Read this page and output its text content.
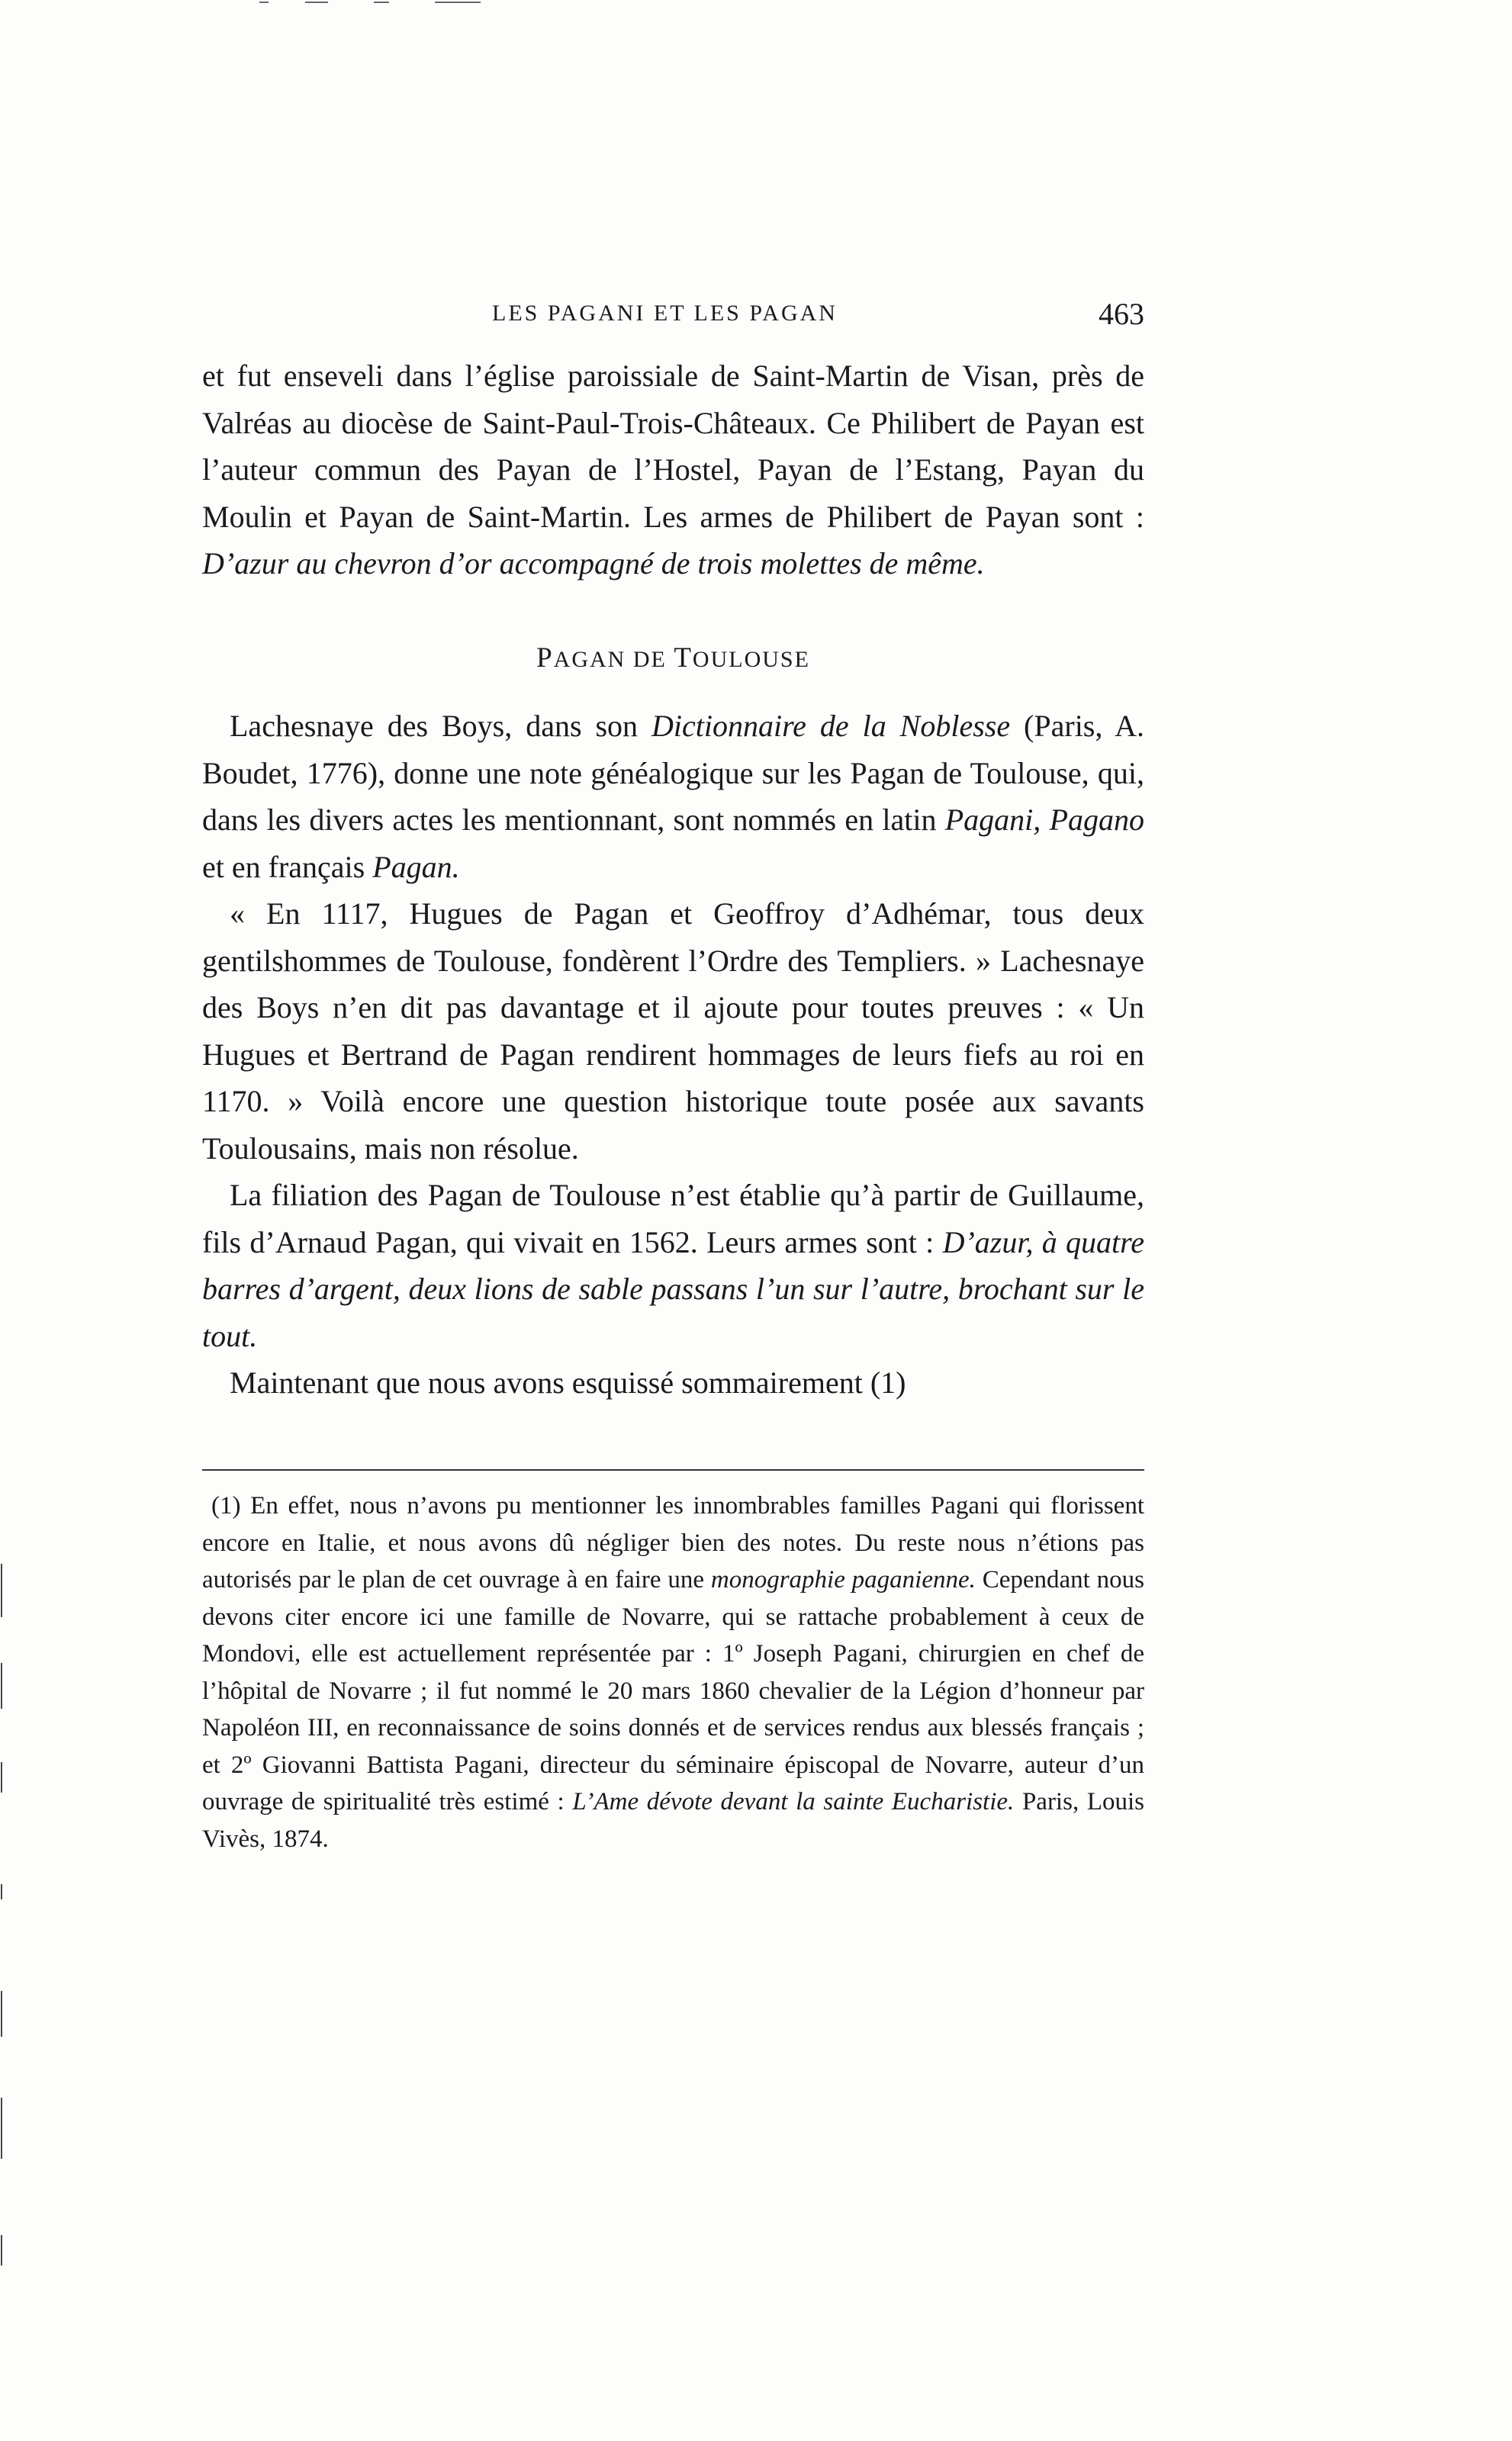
LES PAGANI ET LES PAGAN	463

et fut enseveli dans l’église paroissiale de Saint-Martin de Visan, près de Valréas au diocèse de Saint-Paul-Trois-Châteaux. Ce Philibert de Payan est l’auteur commun des Payan de l’Hostel, Payan de l’Estang, Payan du Moulin et Payan de Saint-Martin. Les armes de Philibert de Payan sont : D’azur au chevron d’or accompagné de trois molettes de même.

PAGAN DE TOULOUSE

Lachesnaye des Boys, dans son Dictionnaire de la Noblesse (Paris, A. Boudet, 1776), donne une note généalogique sur les Pagan de Toulouse, qui, dans les divers actes les mentionnant, sont nommés en latin Pagani, Pagano et en français Pagan.

« En 1117, Hugues de Pagan et Geoffroy d’Adhémar, tous deux gentilshommes de Toulouse, fondèrent l’Ordre des Templiers. » Lachesnaye des Boys n’en dit pas davantage et il ajoute pour toutes preuves : « Un Hugues et Bertrand de Pagan rendirent hommages de leurs fiefs au roi en 1170. » Voilà encore une question historique toute posée aux savants Toulousains, mais non résolue.

La filiation des Pagan de Toulouse n’est établie qu’à partir de Guillaume, fils d’Arnaud Pagan, qui vivait en 1562. Leurs armes sont : D’azur, à quatre barres d’argent, deux lions de sable passans l’un sur l’autre, brochant sur le tout.

Maintenant que nous avons esquissé sommairement (1)

(1) En effet, nous n’avons pu mentionner les innombrables familles Pagani qui florissent encore en Italie, et nous avons dû négliger bien des notes. Du reste nous n’étions pas autorisés par le plan de cet ouvrage à en faire une monographie paganienne. Cependant nous devons citer encore ici une famille de Novarre, qui se rattache probablement à ceux de Mondovi, elle est actuellement représentée par : 1º Joseph Pagani, chirurgien en chef de l’hôpital de Novarre ; il fut nommé le 20 mars 1860 chevalier de la Légion d’honneur par Napoléon III, en reconnaissance de soins donnés et de services rendus aux blessés français ; et 2º Giovanni Battista Pagani, directeur du séminaire épiscopal de Novarre, auteur d’un ouvrage de spiritualité très estimé : L’Ame dévote devant la sainte Eucharistie. Paris, Louis Vivès, 1874.
